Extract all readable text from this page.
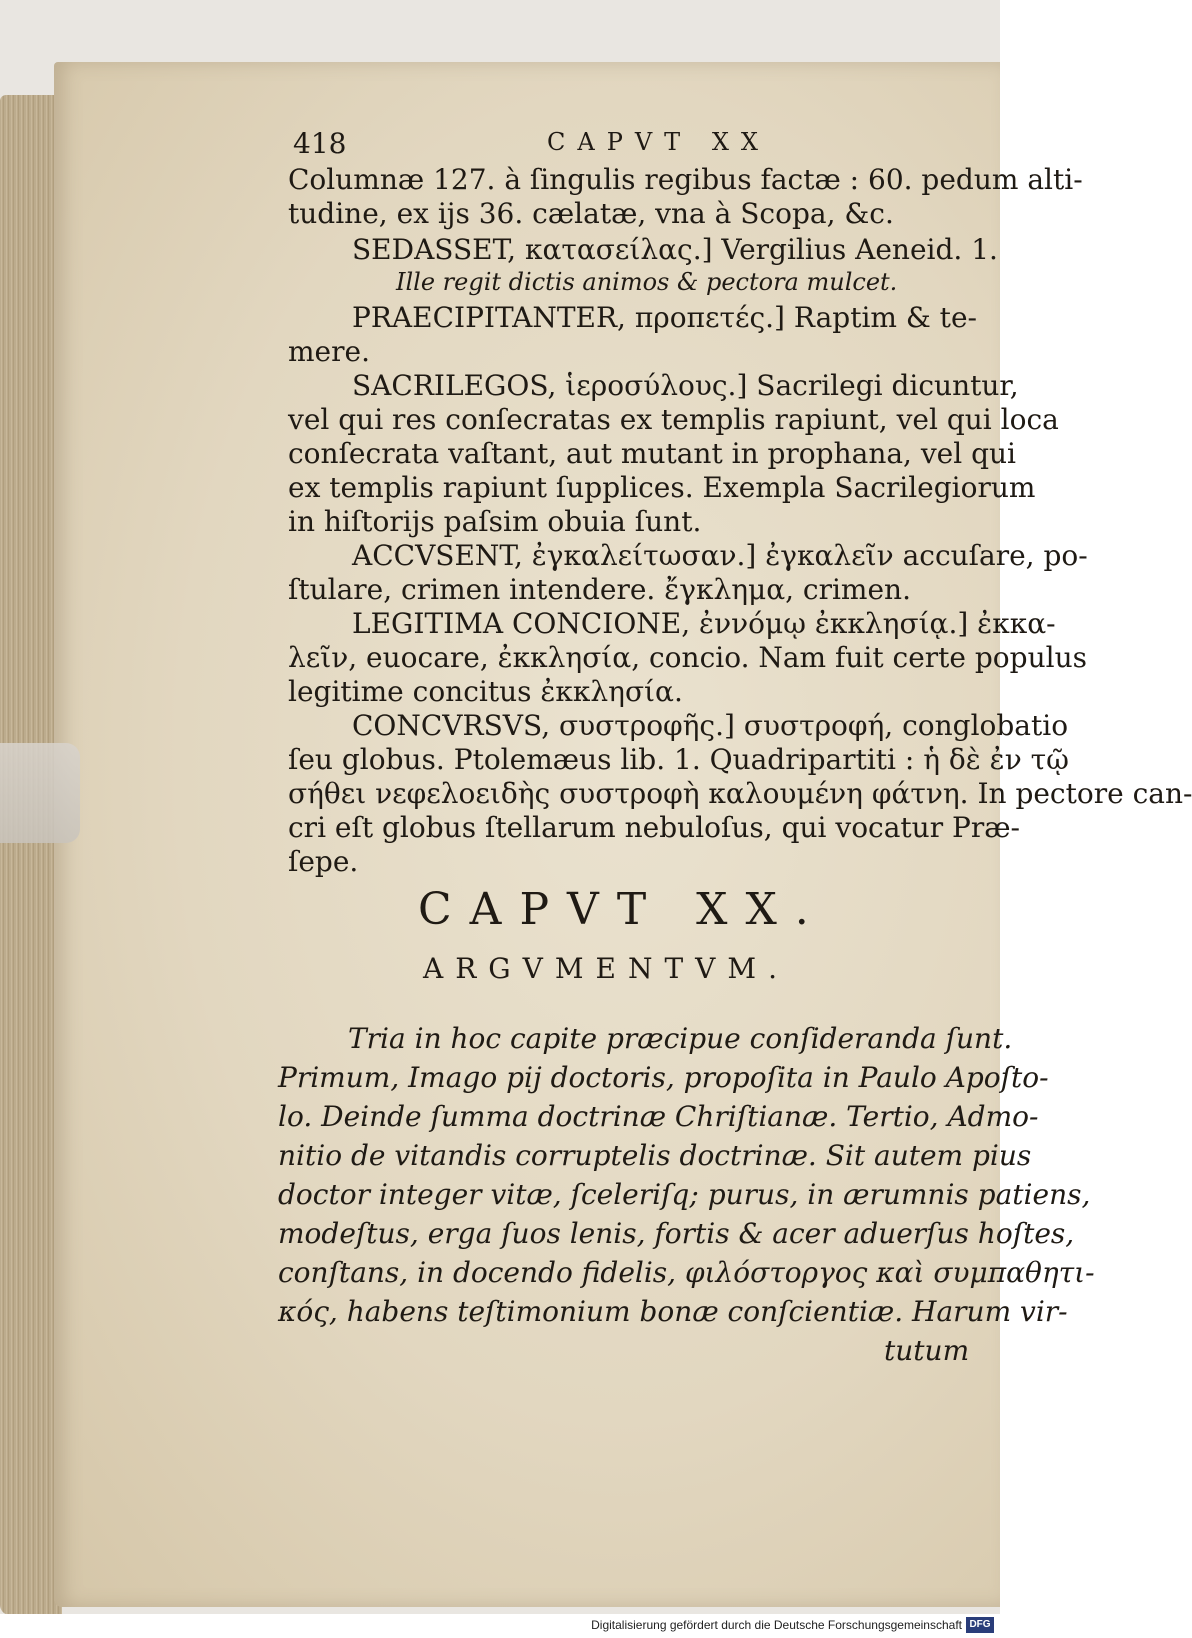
418	CAPVT XX
Columnæ 127. à ſingulis regibus factæ : 60. pedum alti-
tudine, ex ijs 36. cælatæ, vna à Scopa, &c.
SEDASSET, κατασείλας.] Vergilius Aeneid. 1.
Ille regit dictis animos & pectora mulcet.
PRAECIPITANTER, προπετές.] Raptim & te-
mere.
SACRILEGOS, ἱεροσύλους.] Sacrilegi dicuntur,
vel qui res conſecratas ex templis rapiunt, vel qui loca
conſecrata vaſtant, aut mutant in prophana, vel qui
ex templis rapiunt ſupplices. Exempla Sacrilegiorum
in hiſtorijs paſsim obuia ſunt.
ACCVSENT, ἐγκαλείτωσαν.] ἐγκαλεῖν accuſare, po-
ſtulare, crimen intendere. ἔγκλημα, crimen.
LEGITIMA CONCIONE, ἐννόμῳ ἐκκλησίᾳ.] ἐκκα-
λεῖν, euocare, ἐκκλησία, concio. Nam fuit certe populus
legitime concitus ἐκκλησία.
CONCVRSVS, συστροφῆς.] συστροφή, conglobatio
ſeu globus. Ptolemæus lib. 1. Quadripartiti : ἡ δὲ ἐν τῷ
σήθει νεφελοειδὴς συστροφὴ καλουμένη φάτνη. In pectore can-
cri eſt globus ſtellarum nebuloſus, qui vocatur Præ-
ſepe.
CAPVT XX.
ARGVMENTVM.
Tria in hoc capite præcipue conſideranda ſunt.
Primum, Imago pij doctoris, propoſita in Paulo Apoſto-
lo. Deinde ſumma doctrinæ Chriſtianæ. Tertio, Admo-
nitio de vitandis corruptelis doctrinæ. Sit autem pius
doctor integer vitæ, ſceleriſq; purus, in ærumnis patiens,
modeſtus, erga ſuos lenis, fortis & acer aduerſus hoſtes,
conſtans, in docendo fidelis, φιλόστοργος καὶ συμπαθητι-
κός, habens teſtimonium bonæ conſcientiæ. Harum vir-
tutum
Digitalisierung gefördert durch die Deutsche Forschungsgemeinschaft DFG
